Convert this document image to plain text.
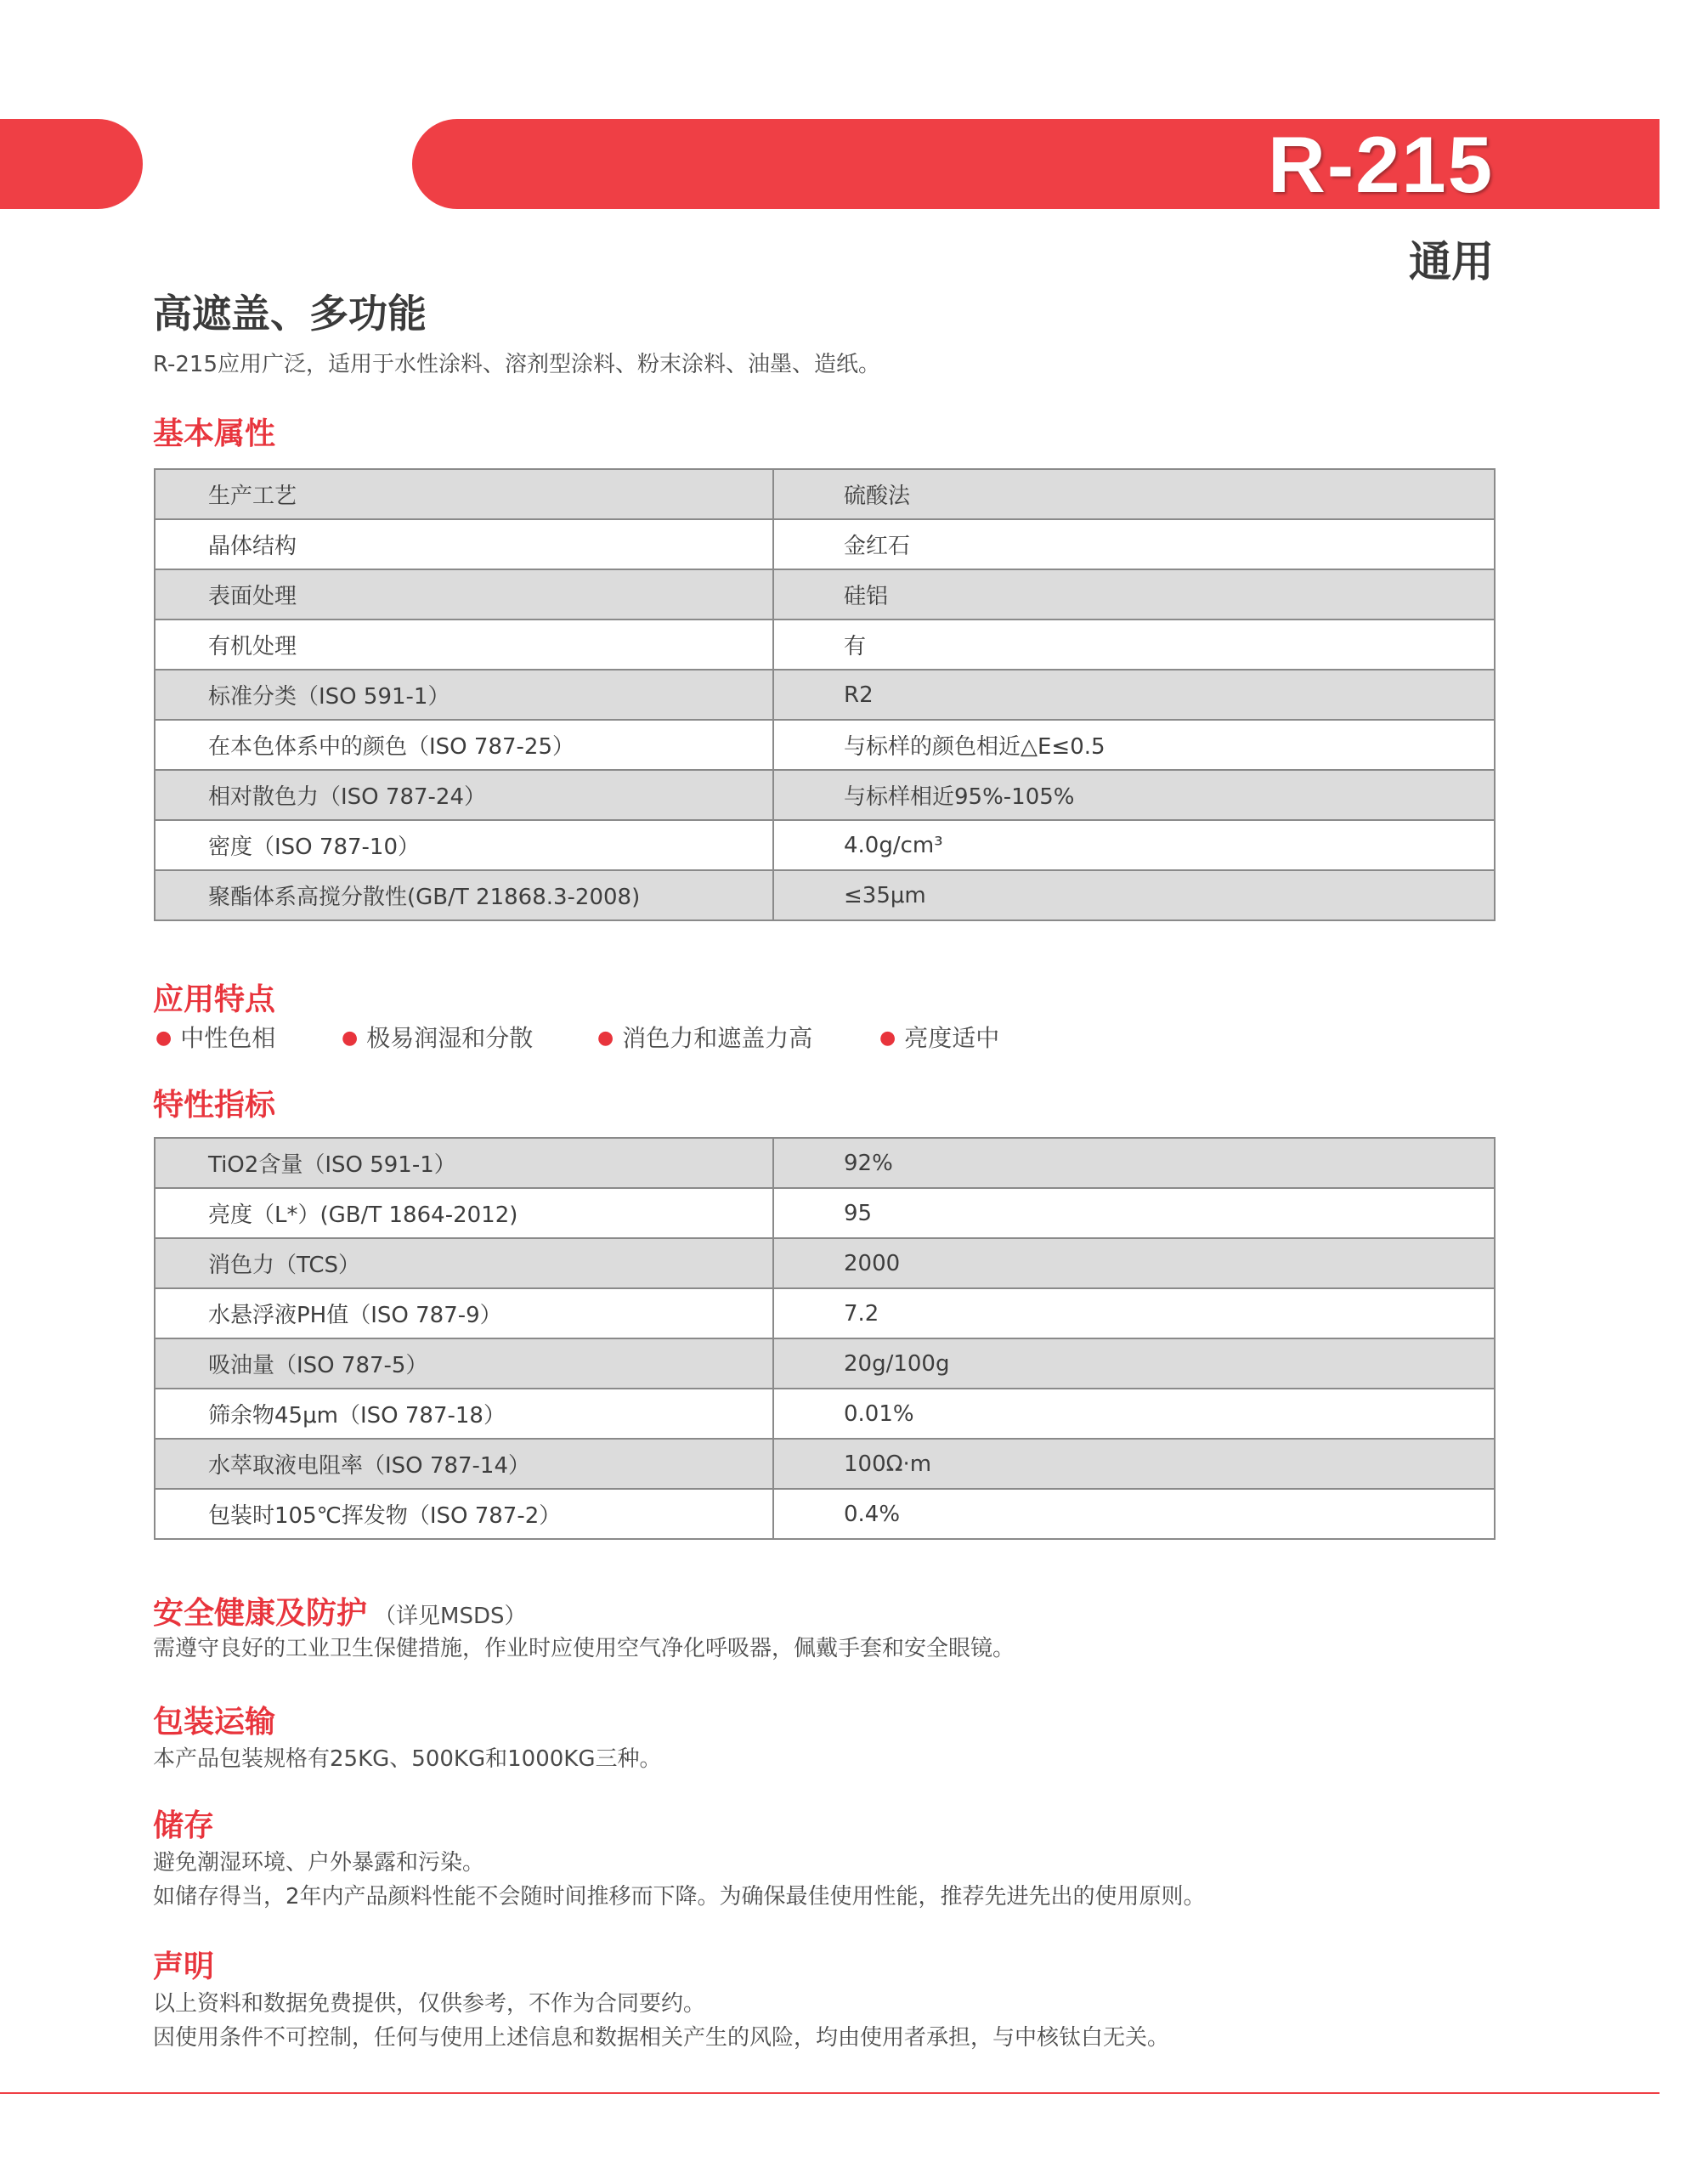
R-215
通用
高遮盖、多功能
R-215应用广泛，适用于水性涂料、溶剂型涂料、粉末涂料、油墨、造纸。
基本属性
生产工艺	硫酸法
晶体结构	金红石
表面处理	硅铝
有机处理	有
标准分类（ISO 591-1）	R2
在本色体系中的颜色（ISO 787-25）	与标样的颜色相近△E≤0.5
相对散色力（ISO 787-24）	与标样相近95%-105%
密度（ISO 787-10）	4.0g/cm³
聚酯体系高搅分散性(GB/T 21868.3-2008)	≤35μm
应用特点
● 中性色相	● 极易润湿和分散	● 消色力和遮盖力高	● 亮度适中
特性指标
TiO2含量（ISO 591-1）	92%
亮度（L*）(GB/T 1864-2012)	95
消色力（TCS）	2000
水悬浮液PH值（ISO 787-9）	7.2
吸油量（ISO 787-5）	20g/100g
筛余物45μm（ISO 787-18）	0.01%
水萃取液电阻率（ISO 787-14）	100Ω·m
包装时105℃挥发物（ISO 787-2）	0.4%
安全健康及防护 （详见MSDS）
需遵守良好的工业卫生保健措施，作业时应使用空气净化呼吸器，佩戴手套和安全眼镜。
包装运输
本产品包装规格有25KG、500KG和1000KG三种。
储存
避免潮湿环境、户外暴露和污染。
如储存得当，2年内产品颜料性能不会随时间推移而下降。为确保最佳使用性能，推荐先进先出的使用原则。
声明
以上资料和数据免费提供，仅供参考，不作为合同要约。
因使用条件不可控制，任何与使用上述信息和数据相关产生的风险，均由使用者承担，与中核钛白无关。
